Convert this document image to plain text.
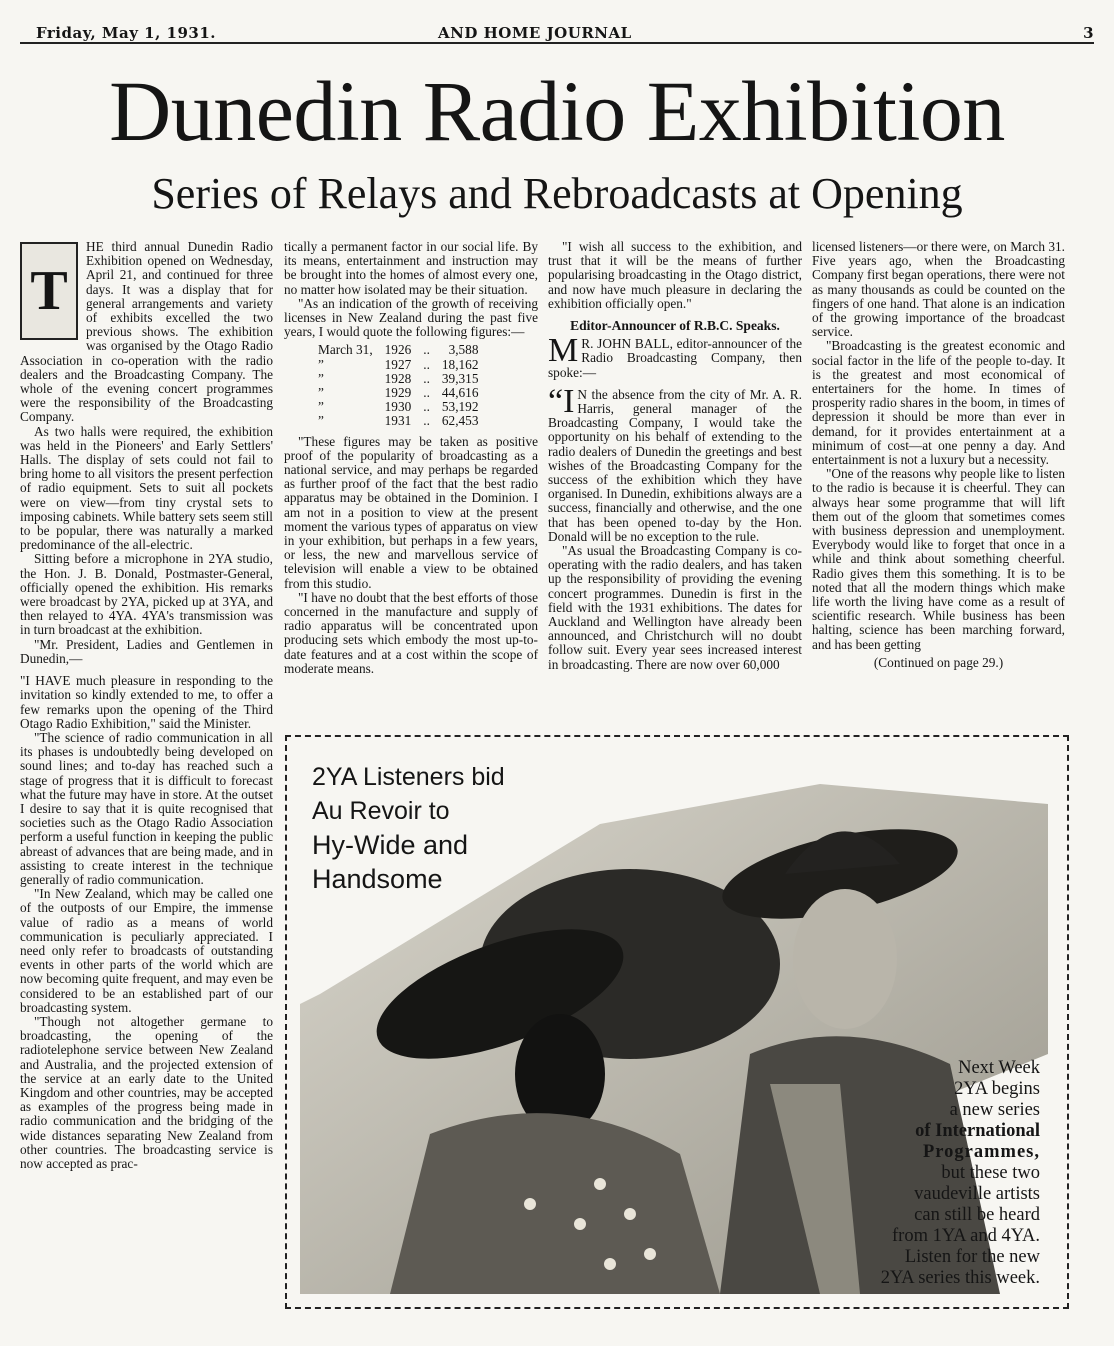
Friday, May 1, 1931.	AND HOME JOURNAL	3
Dunedin Radio Exhibition
Series of Relays and Rebroadcasts at Opening
T

HE third annual Dunedin Radio Exhibition opened on Wednesday, April 21, and continued for three days. It was a display that for general arrangements and variety of exhibits excelled the two previous shows. The exhibition was organised by the Otago Radio Association in co-operation with the radio dealers and the Broadcasting Company. The whole of the evening concert programmes were the responsibility of the Broadcasting Company.

As two halls were required, the exhibition was held in the Pioneers' and Early Settlers' Halls. The display of sets could not fail to bring home to all visitors the present perfection of radio equipment. Sets to suit all pockets were on view—from tiny crystal sets to imposing cabinets. While battery sets seem still to be popular, there was naturally a marked predominance of the all-electric.

Sitting before a microphone in 2YA studio, the Hon. J. B. Donald, Postmaster-General, officially opened the exhibition. His remarks were broadcast by 2YA, picked up at 3YA, and then relayed to 4YA. 4YA's transmission was in turn broadcast at the exhibition.

"Mr. President, Ladies and Gentlemen in Dunedin,—

"I HAVE much pleasure in responding to the invitation so kindly extended to me, to offer a few remarks upon the opening of the Third Otago Radio Exhibition," said the Minister.

"The science of radio communication in all its phases is undoubtedly being developed on sound lines; and to-day has reached such a stage of progress that it is difficult to forecast what the future may have in store. At the outset I desire to say that it is quite recognised that societies such as the Otago Radio Association perform a useful function in keeping the public abreast of advances that are being made, and in assisting to create interest in the technique generally of radio communication.

"In New Zealand, which may be called one of the outposts of our Empire, the immense value of radio as a means of world communication is peculiarly appreciated. I need only refer to broadcasts of outstanding events in other parts of the world which are now becoming quite frequent, and may even be considered to be an established part of our broadcasting system.

"Though not altogether germane to broadcasting, the opening of the radiotelephone service between New Zealand and Australia, and the projected extension of the service at an early date to the United Kingdom and other countries, may be accepted as examples of the progress being made in radio communication and the bridging of the wide distances separating New Zealand from other countries. The broadcasting service is now accepted as prac-

tically a permanent factor in our social life. By its means, entertainment and instruction may be brought into the homes of almost every one, no matter how isolated may be their situation.

"As an indication of the growth of receiving licenses in New Zealand during the past five years, I would quote the following figures:—

March 31,	1926	..	3,588
”	1927	..	18,162
”	1928	..	39,315
”	1929	..	44,616
”	1930	..	53,192
”	1931	..	62,453

"These figures may be taken as positive proof of the popularity of broadcasting as a national service, and may perhaps be regarded as further proof of the fact that the best radio apparatus may be obtained in the Dominion. I am not in a position to view at the present moment the various types of apparatus on view in your exhibition, but perhaps in a few years, or less, the new and marvellous service of television will enable a view to be obtained from this studio.

"I have no doubt that the best efforts of those concerned in the manufacture and supply of radio apparatus will be concentrated upon producing sets which embody the most up-to-date features and at a cost within the scope of moderate means.

"I wish all success to the exhibition, and trust that it will be the means of further popularising broadcasting in the Otago district, and now have much pleasure in declaring the exhibition officially open."

Editor-Announcer of R.B.C. Speaks.

M R. JOHN BALL, editor-announcer of the Radio Broadcasting Company, then spoke:—

“I N the absence from the city of Mr. A. R. Harris, general manager of the Broadcasting Company, I would take the opportunity on his behalf of extending to the radio dealers of Dunedin the greetings and best wishes of the Broadcasting Company for the success of the exhibition which they have organised. In Dunedin, exhibitions always are a success, financially and otherwise, and the one that has been opened to-day by the Hon. Donald will be no exception to the rule.

"As usual the Broadcasting Company is co-operating with the radio dealers, and has taken up the responsibility of providing the evening concert programmes. Dunedin is first in the field with the 1931 exhibitions. The dates for Auckland and Wellington have already been announced, and Christchurch will no doubt follow suit. Every year sees increased interest in broadcasting. There are now over 60,000

licensed listeners—or there were, on March 31. Five years ago, when the Broadcasting Company first began operations, there were not as many thousands as could be counted on the fingers of one hand. That alone is an indication of the growing importance of the broadcast service.

"Broadcasting is the greatest economic and social factor in the life of the people to-day. It is the greatest and most economical of entertainers for the home. In times of prosperity radio shares in the boom, in times of depression it should be more than ever in demand, for it provides entertainment at a minimum of cost—at one penny a day. And entertainment is not a luxury but a necessity.

"One of the reasons why people like to listen to the radio is because it is cheerful. They can always hear some programme that will lift them out of the gloom that sometimes comes with business depression and unemployment. Everybody would like to forget that once in a while and think about something cheerful. Radio gives them this something. It is to be noted that all the modern things which make life worth the living have come as a result of scientific research. While business has been halting, science has been marching forward, and has been getting

(Continued on page 29.)
2YA Listeners bid
Au Revoir to
Hy-Wide and
Handsome
Next Week
2YA begins
a new series
of International
Programmes,
but these two
vaudeville artists
can still be heard
from 1YA and 4YA.
Listen for the new
2YA series this week.
